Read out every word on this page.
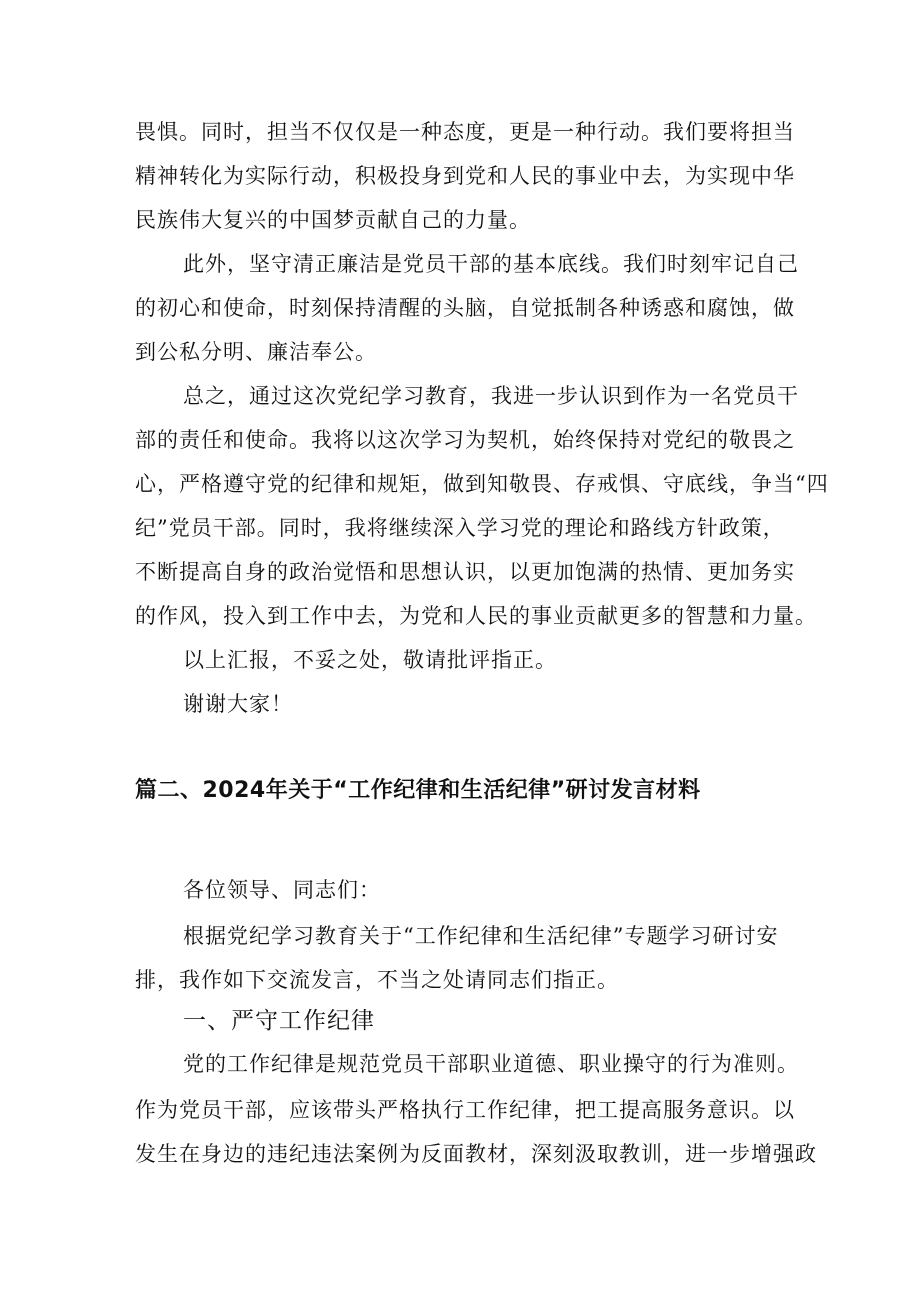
畏惧。同时，担当不仅仅是一种态度，更是一种行动。我们要将担当
精神转化为实际行动，积极投身到党和人民的事业中去，为实现中华
民族伟大复兴的中国梦贡献自己的力量。
此外，坚守清正廉洁是党员干部的基本底线。我们时刻牢记自己
的初心和使命，时刻保持清醒的头脑，自觉抵制各种诱惑和腐蚀，做
到公私分明、廉洁奉公。
总之，通过这次党纪学习教育，我进一步认识到作为一名党员干
部的责任和使命。我将以这次学习为契机，始终保持对党纪的敬畏之
心，严格遵守党的纪律和规矩，做到知敬畏、存戒惧、守底线，争当“四
纪”党员干部。同时，我将继续深入学习党的理论和路线方针政策，
不断提高自身的政治觉悟和思想认识，以更加饱满的热情、更加务实
的作风，投入到工作中去，为党和人民的事业贡献更多的智慧和力量。
以上汇报，不妥之处，敬请批评指正。
谢谢大家！
篇二、2024年关于“工作纪律和生活纪律”研讨发言材料
各位领导、同志们：
根据党纪学习教育关于“工作纪律和生活纪律”专题学习研讨安
排，我作如下交流发言，不当之处请同志们指正。
一、严守工作纪律
党的工作纪律是规范党员干部职业道德、职业操守的行为准则。
作为党员干部，应该带头严格执行工作纪律，把工提高服务意识。以
发生在身边的违纪违法案例为反面教材，深刻汲取教训，进一步增强政
